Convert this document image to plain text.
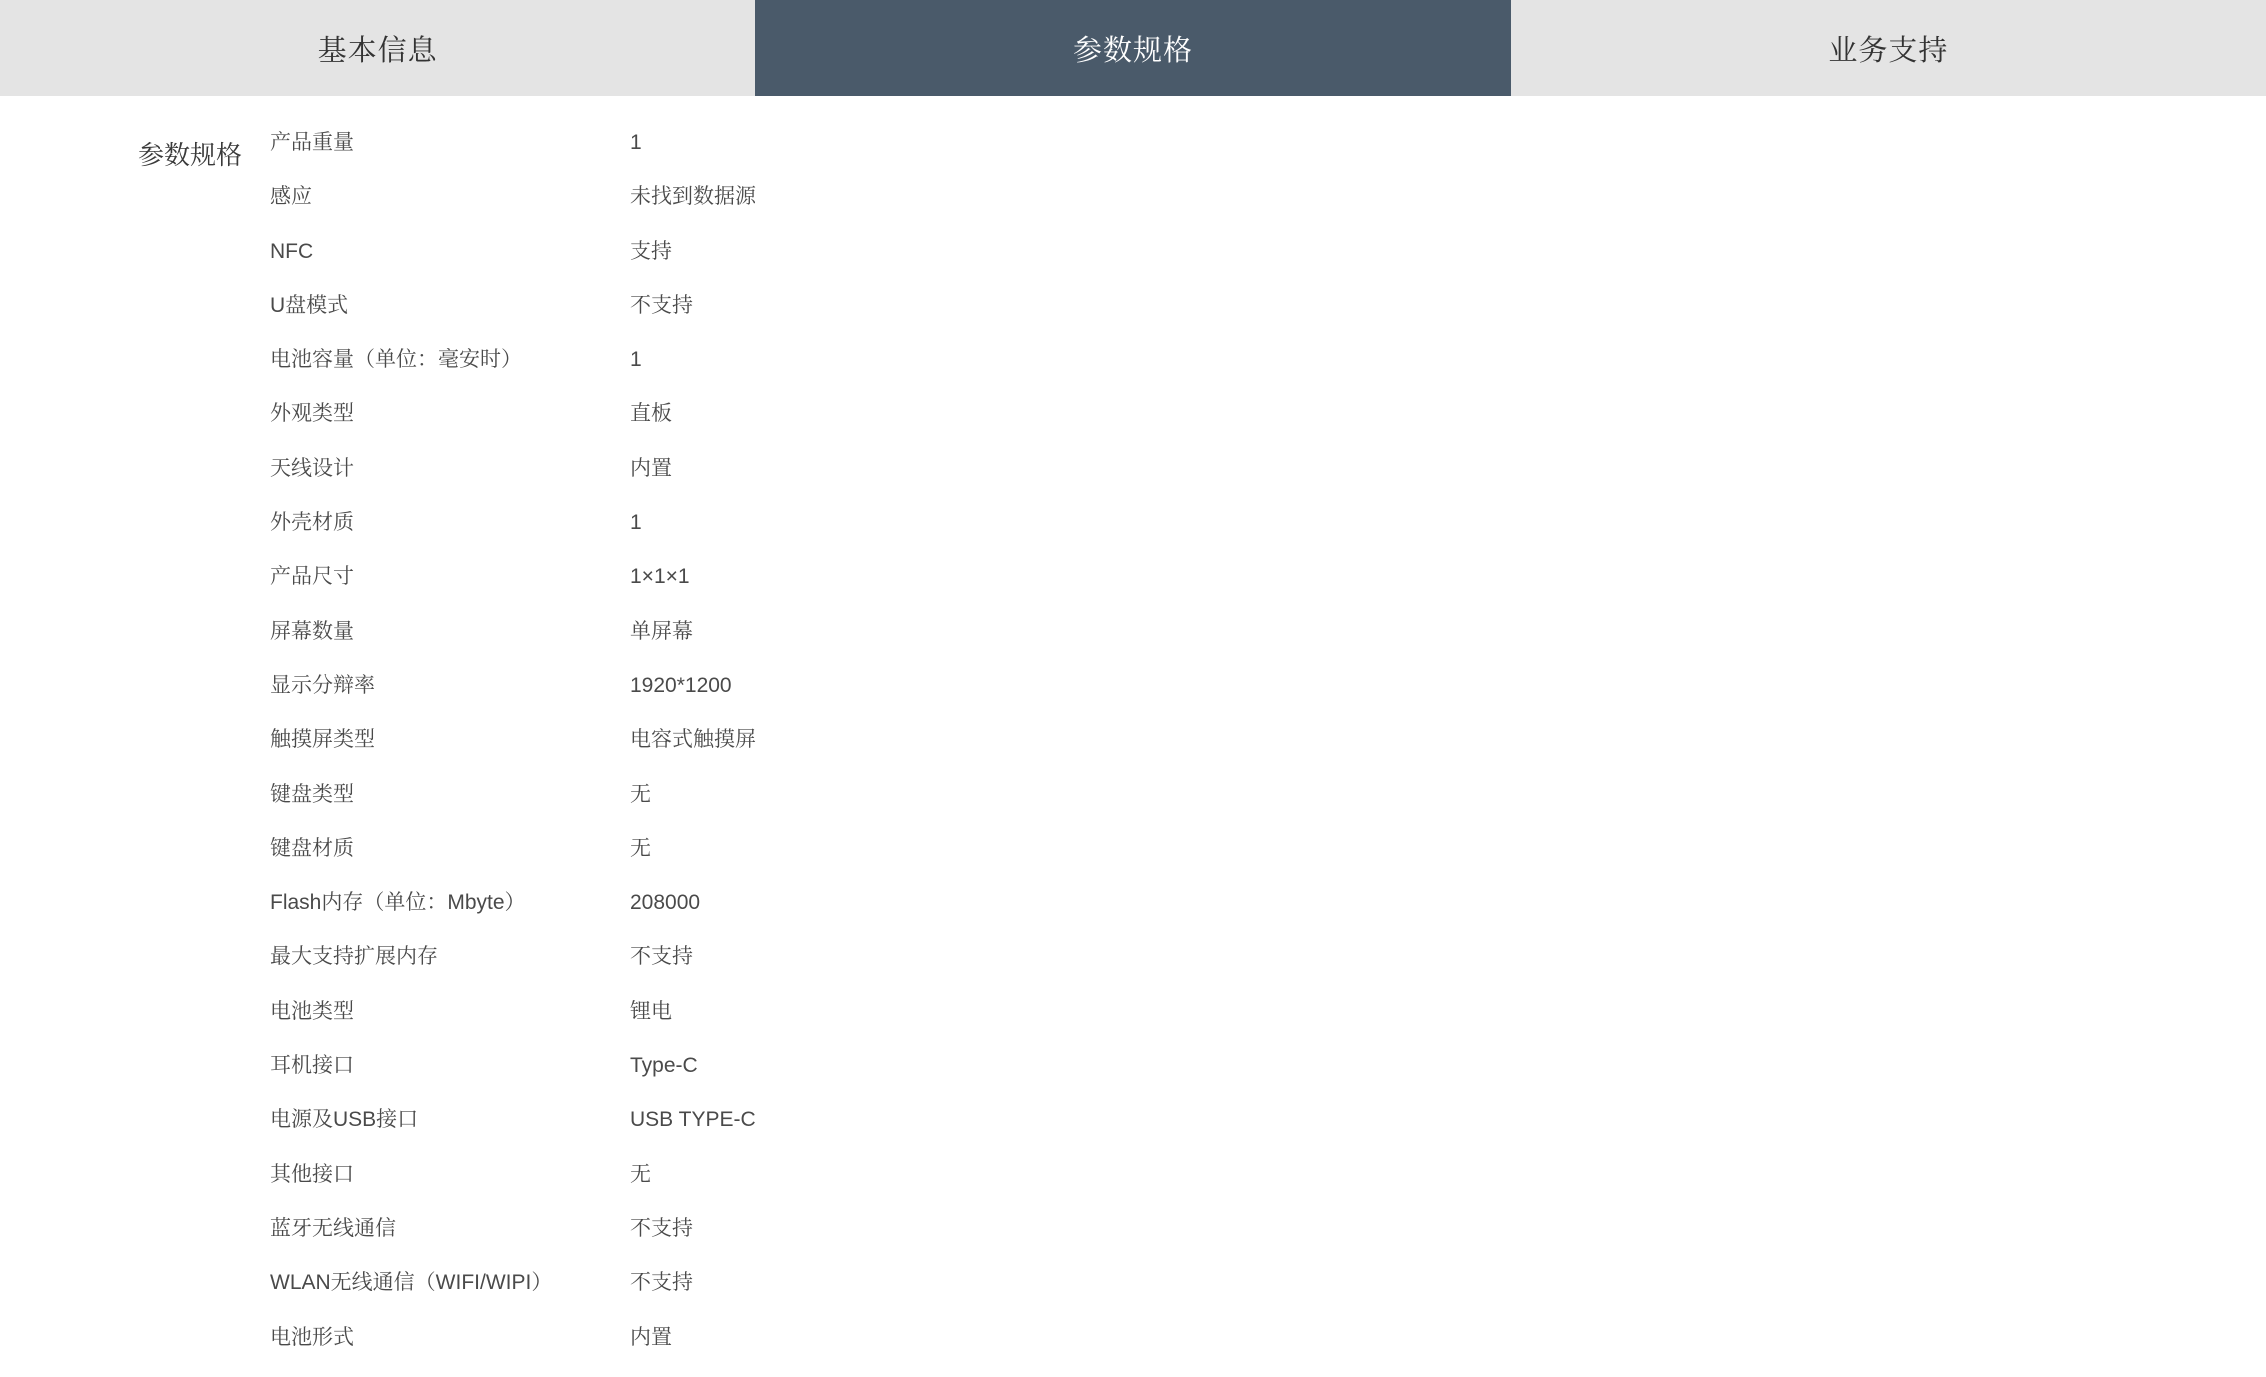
基本信息	参数规格	业务支持
参数规格	产品重量	1
感应	未找到数据源
NFC	支持
U盘模式	不支持
电池容量（单位：毫安时）	1
外观类型	直板
天线设计	内置
外壳材质	1
产品尺寸	1×1×1
屏幕数量	单屏幕
显示分辩率	1920*1200
触摸屏类型	电容式触摸屏
键盘类型	无
键盘材质	无
Flash内存（单位：Mbyte）	208000
最大支持扩展内存	不支持
电池类型	锂电
耳机接口	Type-C
电源及USB接口	USB TYPE-C
其他接口	无
蓝牙无线通信	不支持
WLAN无线通信（WIFI/WIPI）	不支持
电池形式	内置
